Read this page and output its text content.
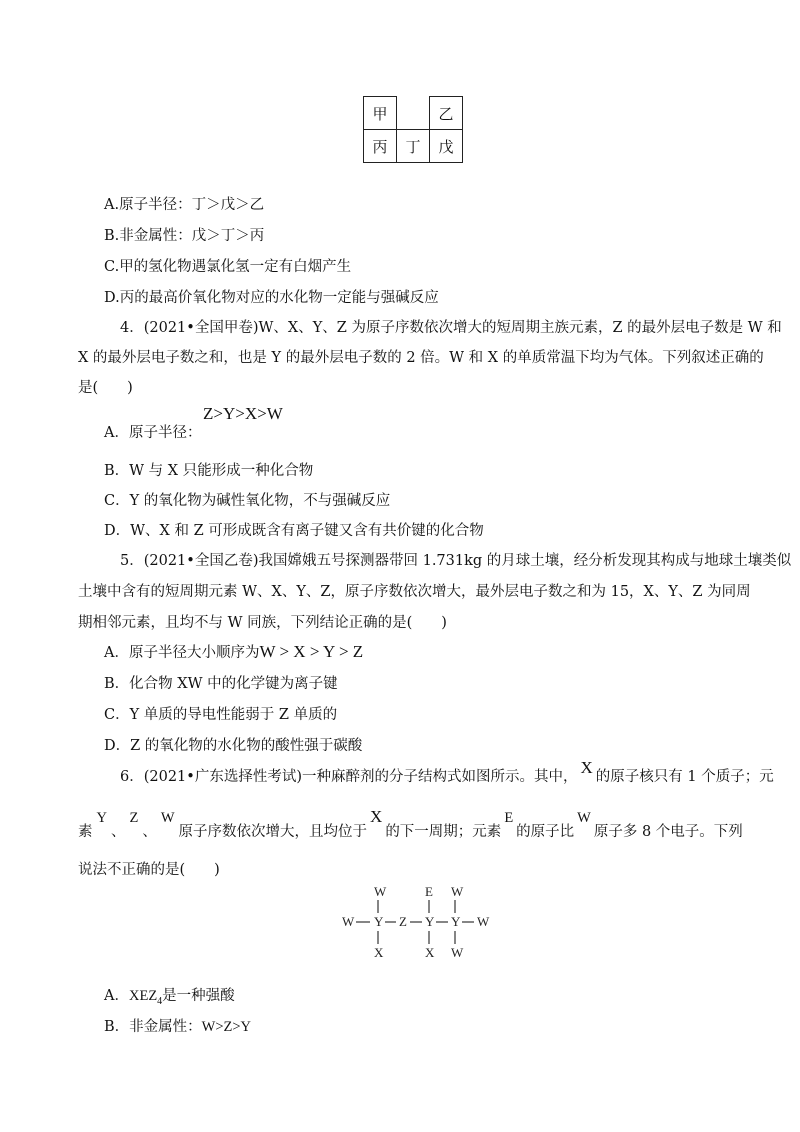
甲		乙
丙	丁	戊
A.原子半径：丁＞戊＞乙
B.非金属性：戊＞丁＞丙
C.甲的氢化物遇氯化氢一定有白烟产生
D.丙的最高价氧化物对应的水化物一定能与强碱反应
4．(2021•全国甲卷)W、X、Y、Z 为原子序数依次增大的短周期主族元素，Z 的最外层电子数是 W 和
X 的最外层电子数之和，也是 Y 的最外层电子数的 2 倍。W 和 X 的单质常温下均为气体。下列叙述正确的
是(　　)
A．原子半径：
Z>Y>X>W
B．W 与 X 只能形成一种化合物
C．Y 的氧化物为碱性氧化物，不与强碱反应
D．W、X 和 Z 可形成既含有离子键又含有共价键的化合物
5．(2021•全国乙卷)我国嫦娥五号探测器带回 1.731kg 的月球土壤，经分析发现其构成与地球土壤类似
土壤中含有的短周期元素 W、X、Y、Z，原子序数依次增大，最外层电子数之和为 15，X、Y、Z 为同周
期相邻元素，且均不与 W 同族，下列结论正确的是(　　)
A．原子半径大小顺序为W > X > Y > Z
B．化合物 XW 中的化学键为离子键
C．Y 单质的导电性能弱于 Z 单质的
D．Z 的氧化物的水化物的酸性强于碳酸
6．(2021•广东选择性考试)一种麻醉剂的分子结构式如图所示。其中， X 的原子核只有 1 个质子；元
素Y、Z、W原子序数依次增大，且均位于X的下一周期；元素E的原子比W原子多 8 个电子。下列
说法不正确的是(　　)
W	E W
W Y Z Y Y W
X	X W
A．$XEZ_4$是一种强酸
B．非金属性：W>Z>Y
